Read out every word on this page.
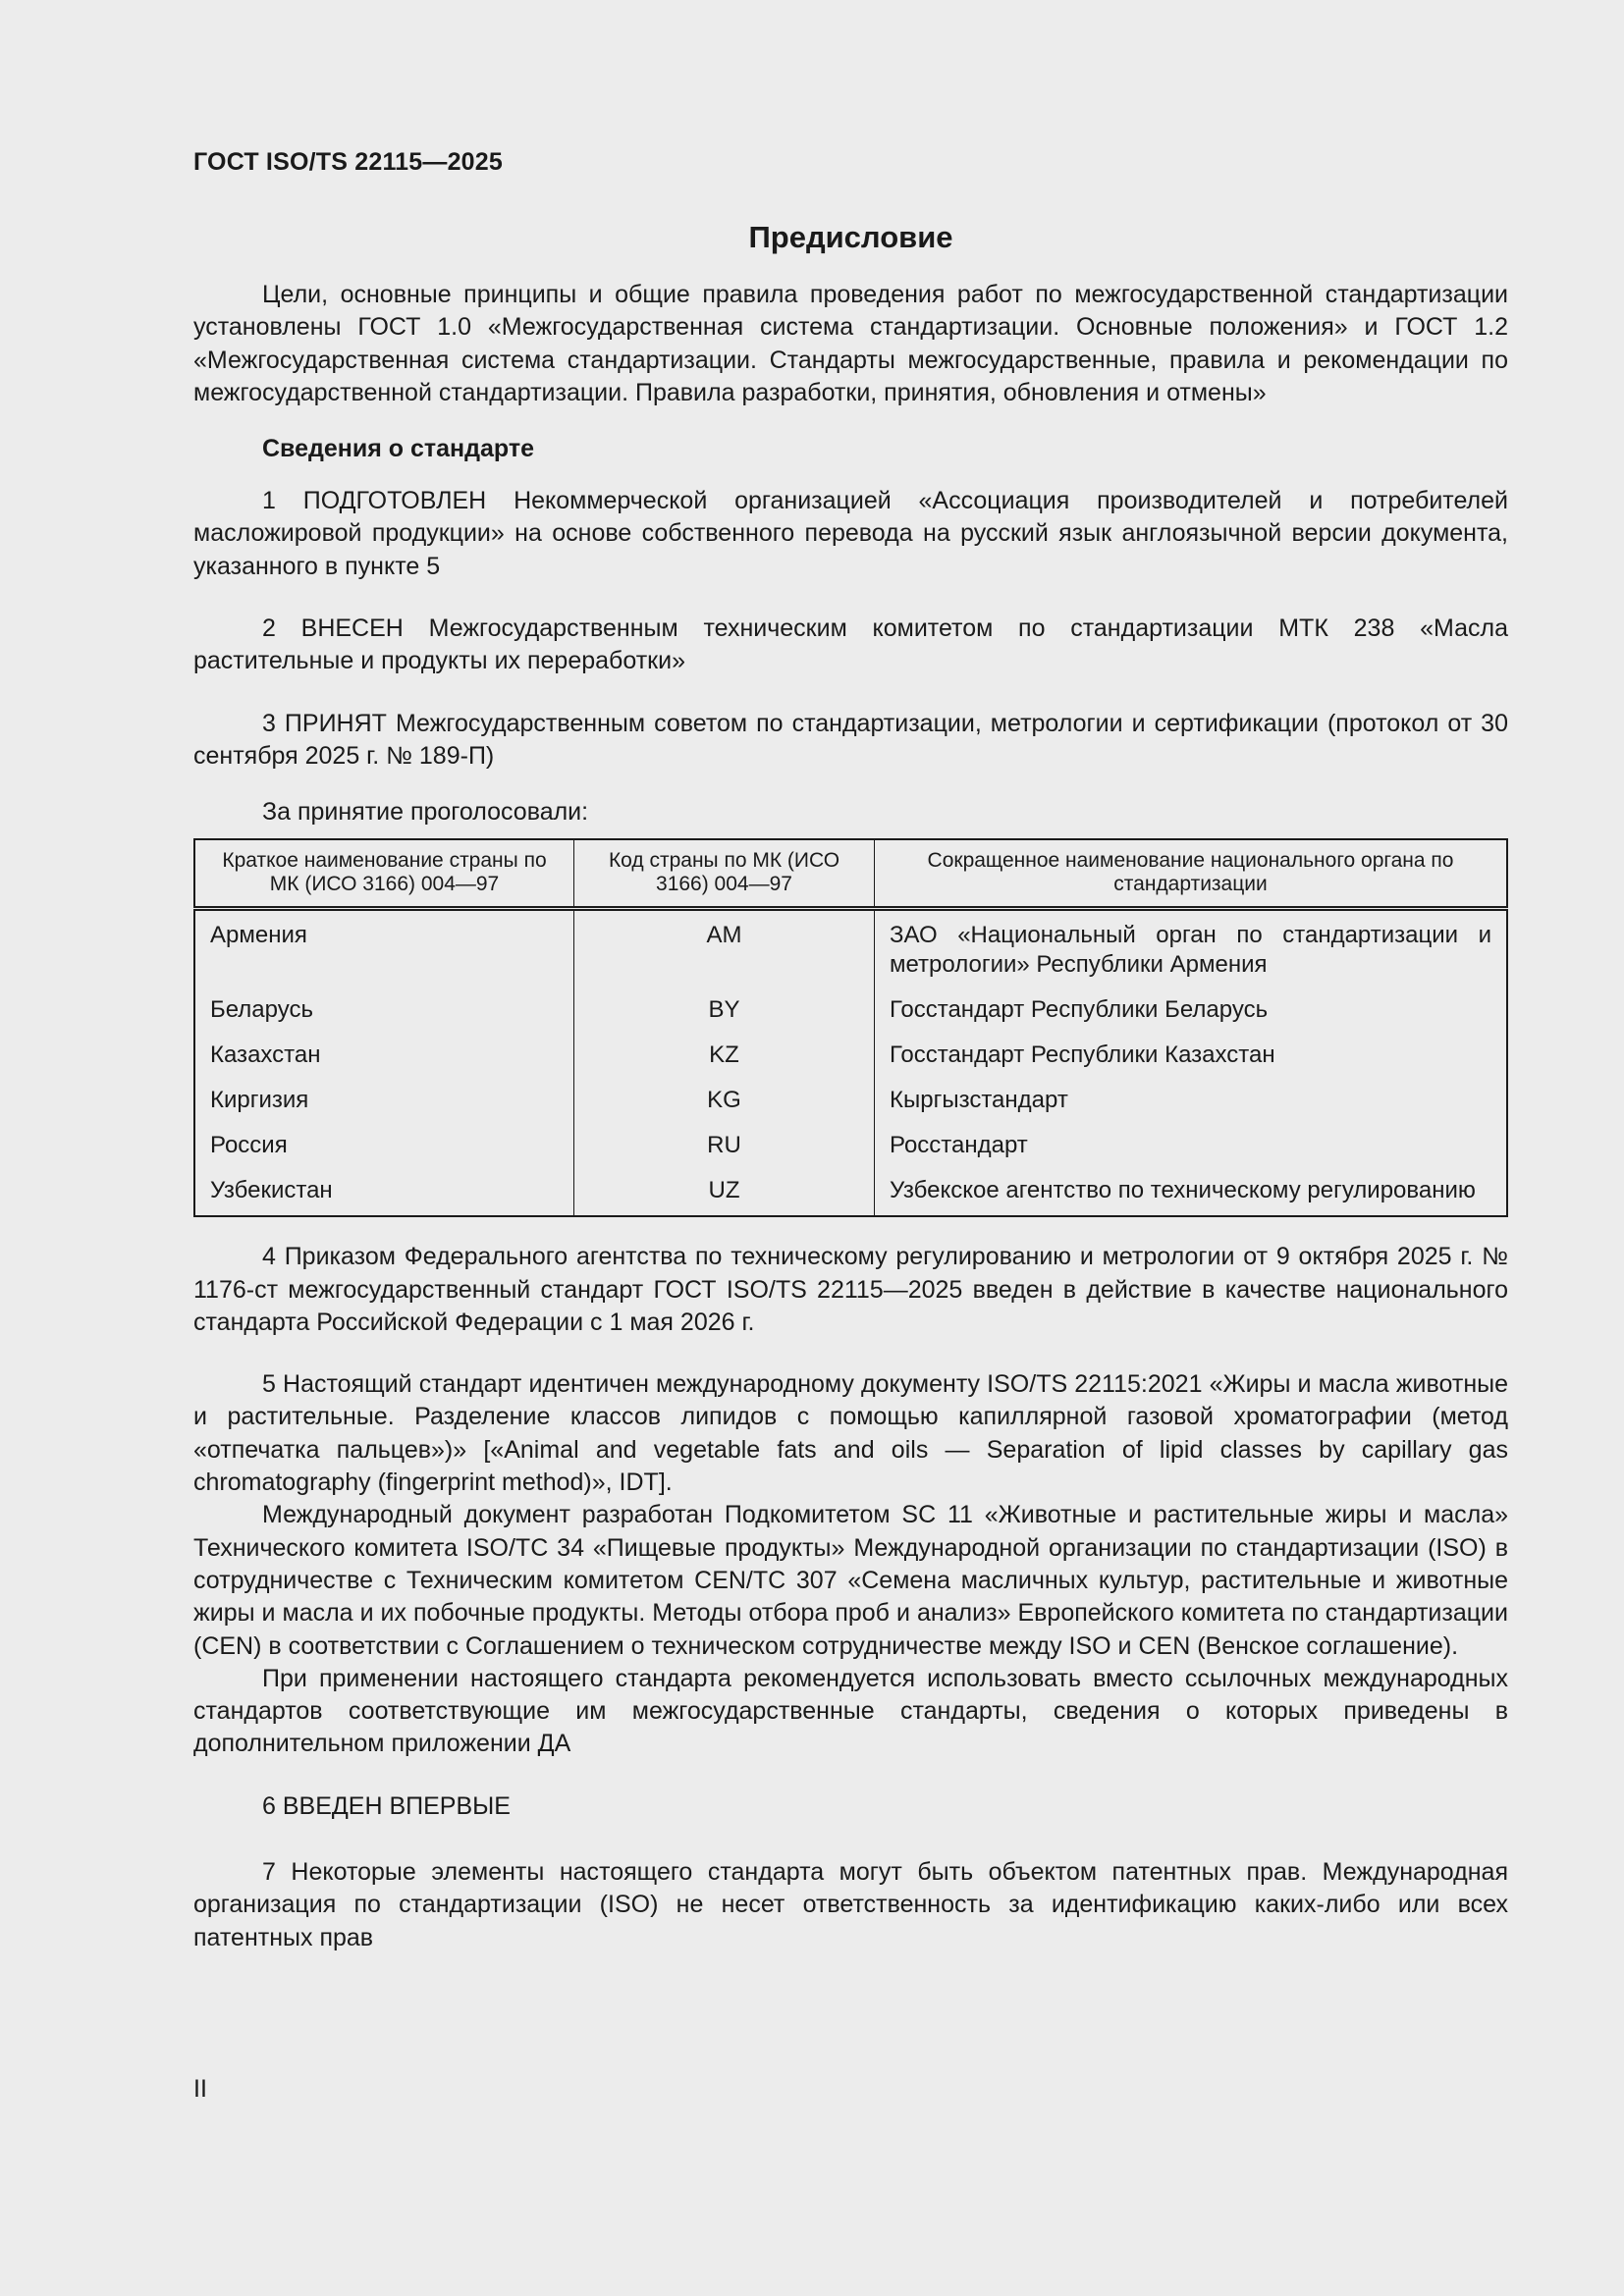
ГОСТ ISO/TS 22115—2025
Предисловие

Цели, основные принципы и общие правила проведения работ по межгосударственной стандартизации установлены ГОСТ 1.0 «Межгосударственная система стандартизации. Основные положения» и ГОСТ 1.2 «Межгосударственная система стандартизации. Стандарты межгосударственные, правила и рекомендации по межгосударственной стандартизации. Правила разработки, принятия, обновления и отмены»

Сведения о стандарте

1 ПОДГОТОВЛЕН Некоммерческой организацией «Ассоциация производителей и потребителей масложировой продукции» на основе собственного перевода на русский язык англоязычной версии документа, указанного в пункте 5

2 ВНЕСЕН Межгосударственным техническим комитетом по стандартизации МТК 238 «Масла растительные и продукты их переработки»

3 ПРИНЯТ Межгосударственным советом по стандартизации, метрологии и сертификации (протокол от 30 сентября 2025 г. № 189-П)

За принятие проголосовали:

Краткое наименование страны по МК (ИСО 3166) 004—97	Код страны по МК (ИСО 3166) 004—97	Сокращенное наименование национального органа по стандартизации
Армения	AM	ЗАО «Национальный орган по стандартизации и метрологии» Республики Армения
Беларусь	BY	Госстандарт Республики Беларусь
Казахстан	KZ	Госстандарт Республики Казахстан
Киргизия	KG	Кыргызстандарт
Россия	RU	Росстандарт
Узбекистан	UZ	Узбекское агентство по техническому регулированию

4 Приказом Федерального агентства по техническому регулированию и метрологии от 9 октября 2025 г. № 1176-ст межгосударственный стандарт ГОСТ ISO/TS 22115—2025 введен в действие в качестве национального стандарта Российской Федерации с 1 мая 2026 г.

5 Настоящий стандарт идентичен международному документу ISO/TS 22115:2021 «Жиры и масла животные и растительные. Разделение классов липидов с помощью капиллярной газовой хроматографии (метод «отпечатка пальцев»)» [«Animal and vegetable fats and oils — Separation of lipid classes by capillary gas chromatography (fingerprint method)», IDT].

Международный документ разработан Подкомитетом SC 11 «Животные и растительные жиры и масла» Технического комитета ISO/TC 34 «Пищевые продукты» Международной организации по стандартизации (ISO) в сотрудничестве с Техническим комитетом CEN/TC 307 «Семена масличных культур, растительные и животные жиры и масла и их побочные продукты. Методы отбора проб и анализ» Европейского комитета по стандартизации (CEN) в соответствии с Соглашением о техническом сотрудничестве между ISO и CEN (Венское соглашение).

При применении настоящего стандарта рекомендуется использовать вместо ссылочных международных стандартов соответствующие им межгосударственные стандарты, сведения о которых приведены в дополнительном приложении ДА

6 ВВЕДЕН ВПЕРВЫЕ

7 Некоторые элементы настоящего стандарта могут быть объектом патентных прав. Международная организация по стандартизации (ISO) не несет ответственность за идентификацию каких-либо или всех патентных прав

II
